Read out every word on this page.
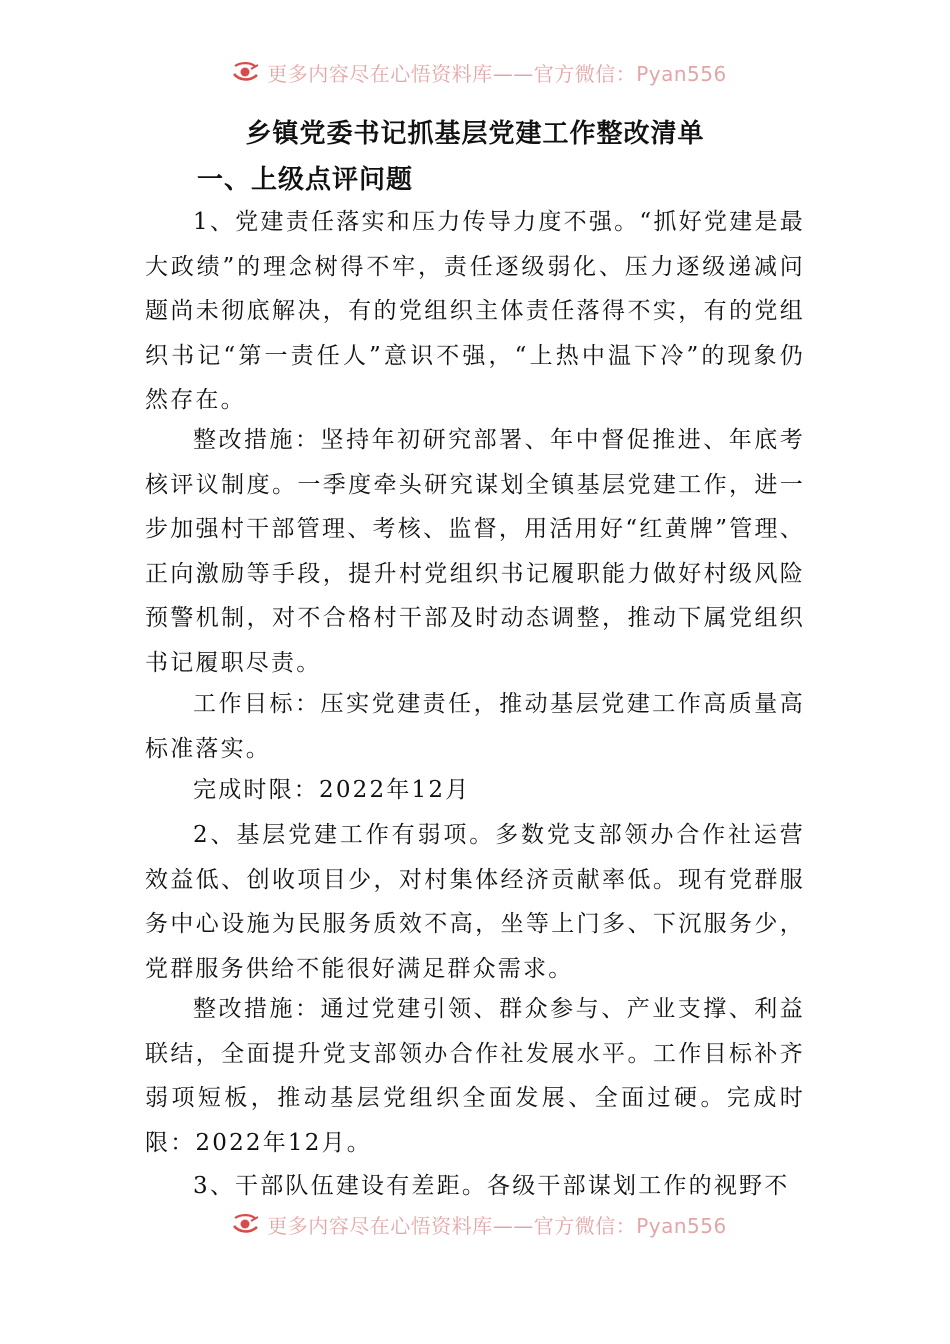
更多内容尽在心悟资料库——官方微信：Pyan556
乡镇党委书记抓基层党建工作整改清单
一、上级点评问题

1、党建责任落实和压力传导力度不强。“抓好党建是最大政绩”的理念树得不牢，责任逐级弱化、压力逐级递减问题尚未彻底解决，有的党组织主体责任落得不实，有的党组织书记“第一责任人”意识不强，“上热中温下冷”的现象仍然存在。

整改措施：坚持年初研究部署、年中督促推进、年底考核评议制度。一季度牵头研究谋划全镇基层党建工作，进一步加强村干部管理、考核、监督，用活用好“红黄牌”管理、正向激励等手段，提升村党组织书记履职能力做好村级风险预警机制，对不合格村干部及时动态调整，推动下属党组织书记履职尽责。

工作目标：压实党建责任，推动基层党建工作高质量高标准落实。

完成时限：2022年12月

2、基层党建工作有弱项。多数党支部领办合作社运营效益低、创收项目少，对村集体经济贡献率低。现有党群服务中心设施为民服务质效不高，坐等上门多、下沉服务少，党群服务供给不能很好满足群众需求。

整改措施：通过党建引领、群众参与、产业支撑、利益联结，全面提升党支部领办合作社发展水平。工作目标补齐弱项短板，推动基层党组织全面发展、全面过硬。完成时限：2022年12月。

3、干部队伍建设有差距。各级干部谋划工作的视野不

更多内容尽在心悟资料库——官方微信：Pyan556
